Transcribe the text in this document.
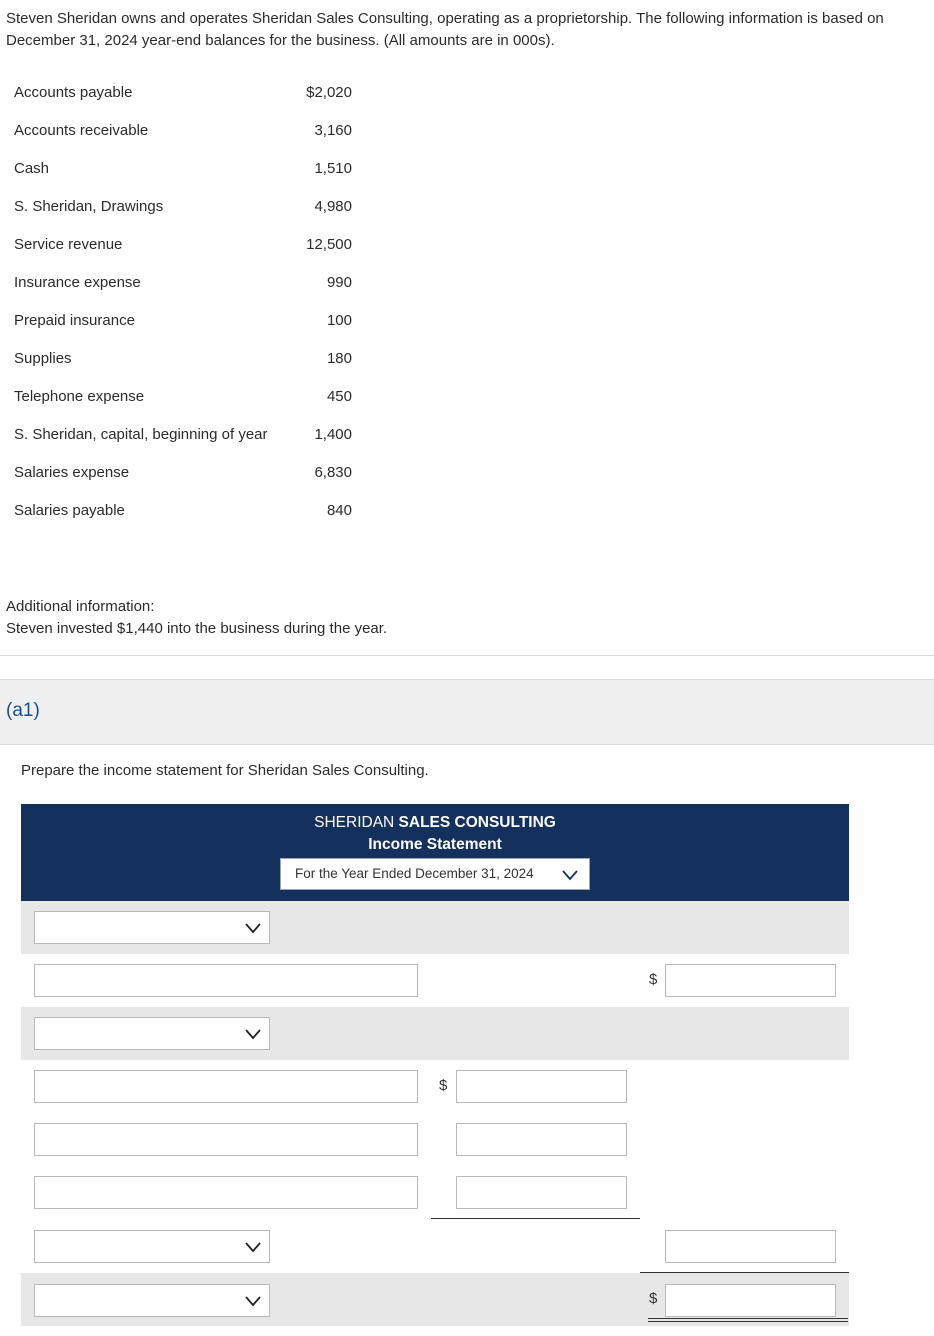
Steven Sheridan owns and operates Sheridan Sales Consulting, operating as a proprietorship. The following information is based on December 31, 2024 year-end balances for the business. (All amounts are in 000s).
Accounts payable	$2,020
Accounts receivable	3,160
Cash	1,510
S. Sheridan, Drawings	4,980
Service revenue	12,500
Insurance expense	990
Prepaid insurance	100
Supplies	180
Telephone expense	450
S. Sheridan, capital, beginning of year	1,400
Salaries expense	6,830
Salaries payable	840
Additional information:
Steven invested $1,440 into the business during the year.
(a1)
Prepare the income statement for Sheridan Sales Consulting.
SHERIDAN SALES CONSULTING
Income Statement
For the Year Ended December 31, 2024
$
$
$
